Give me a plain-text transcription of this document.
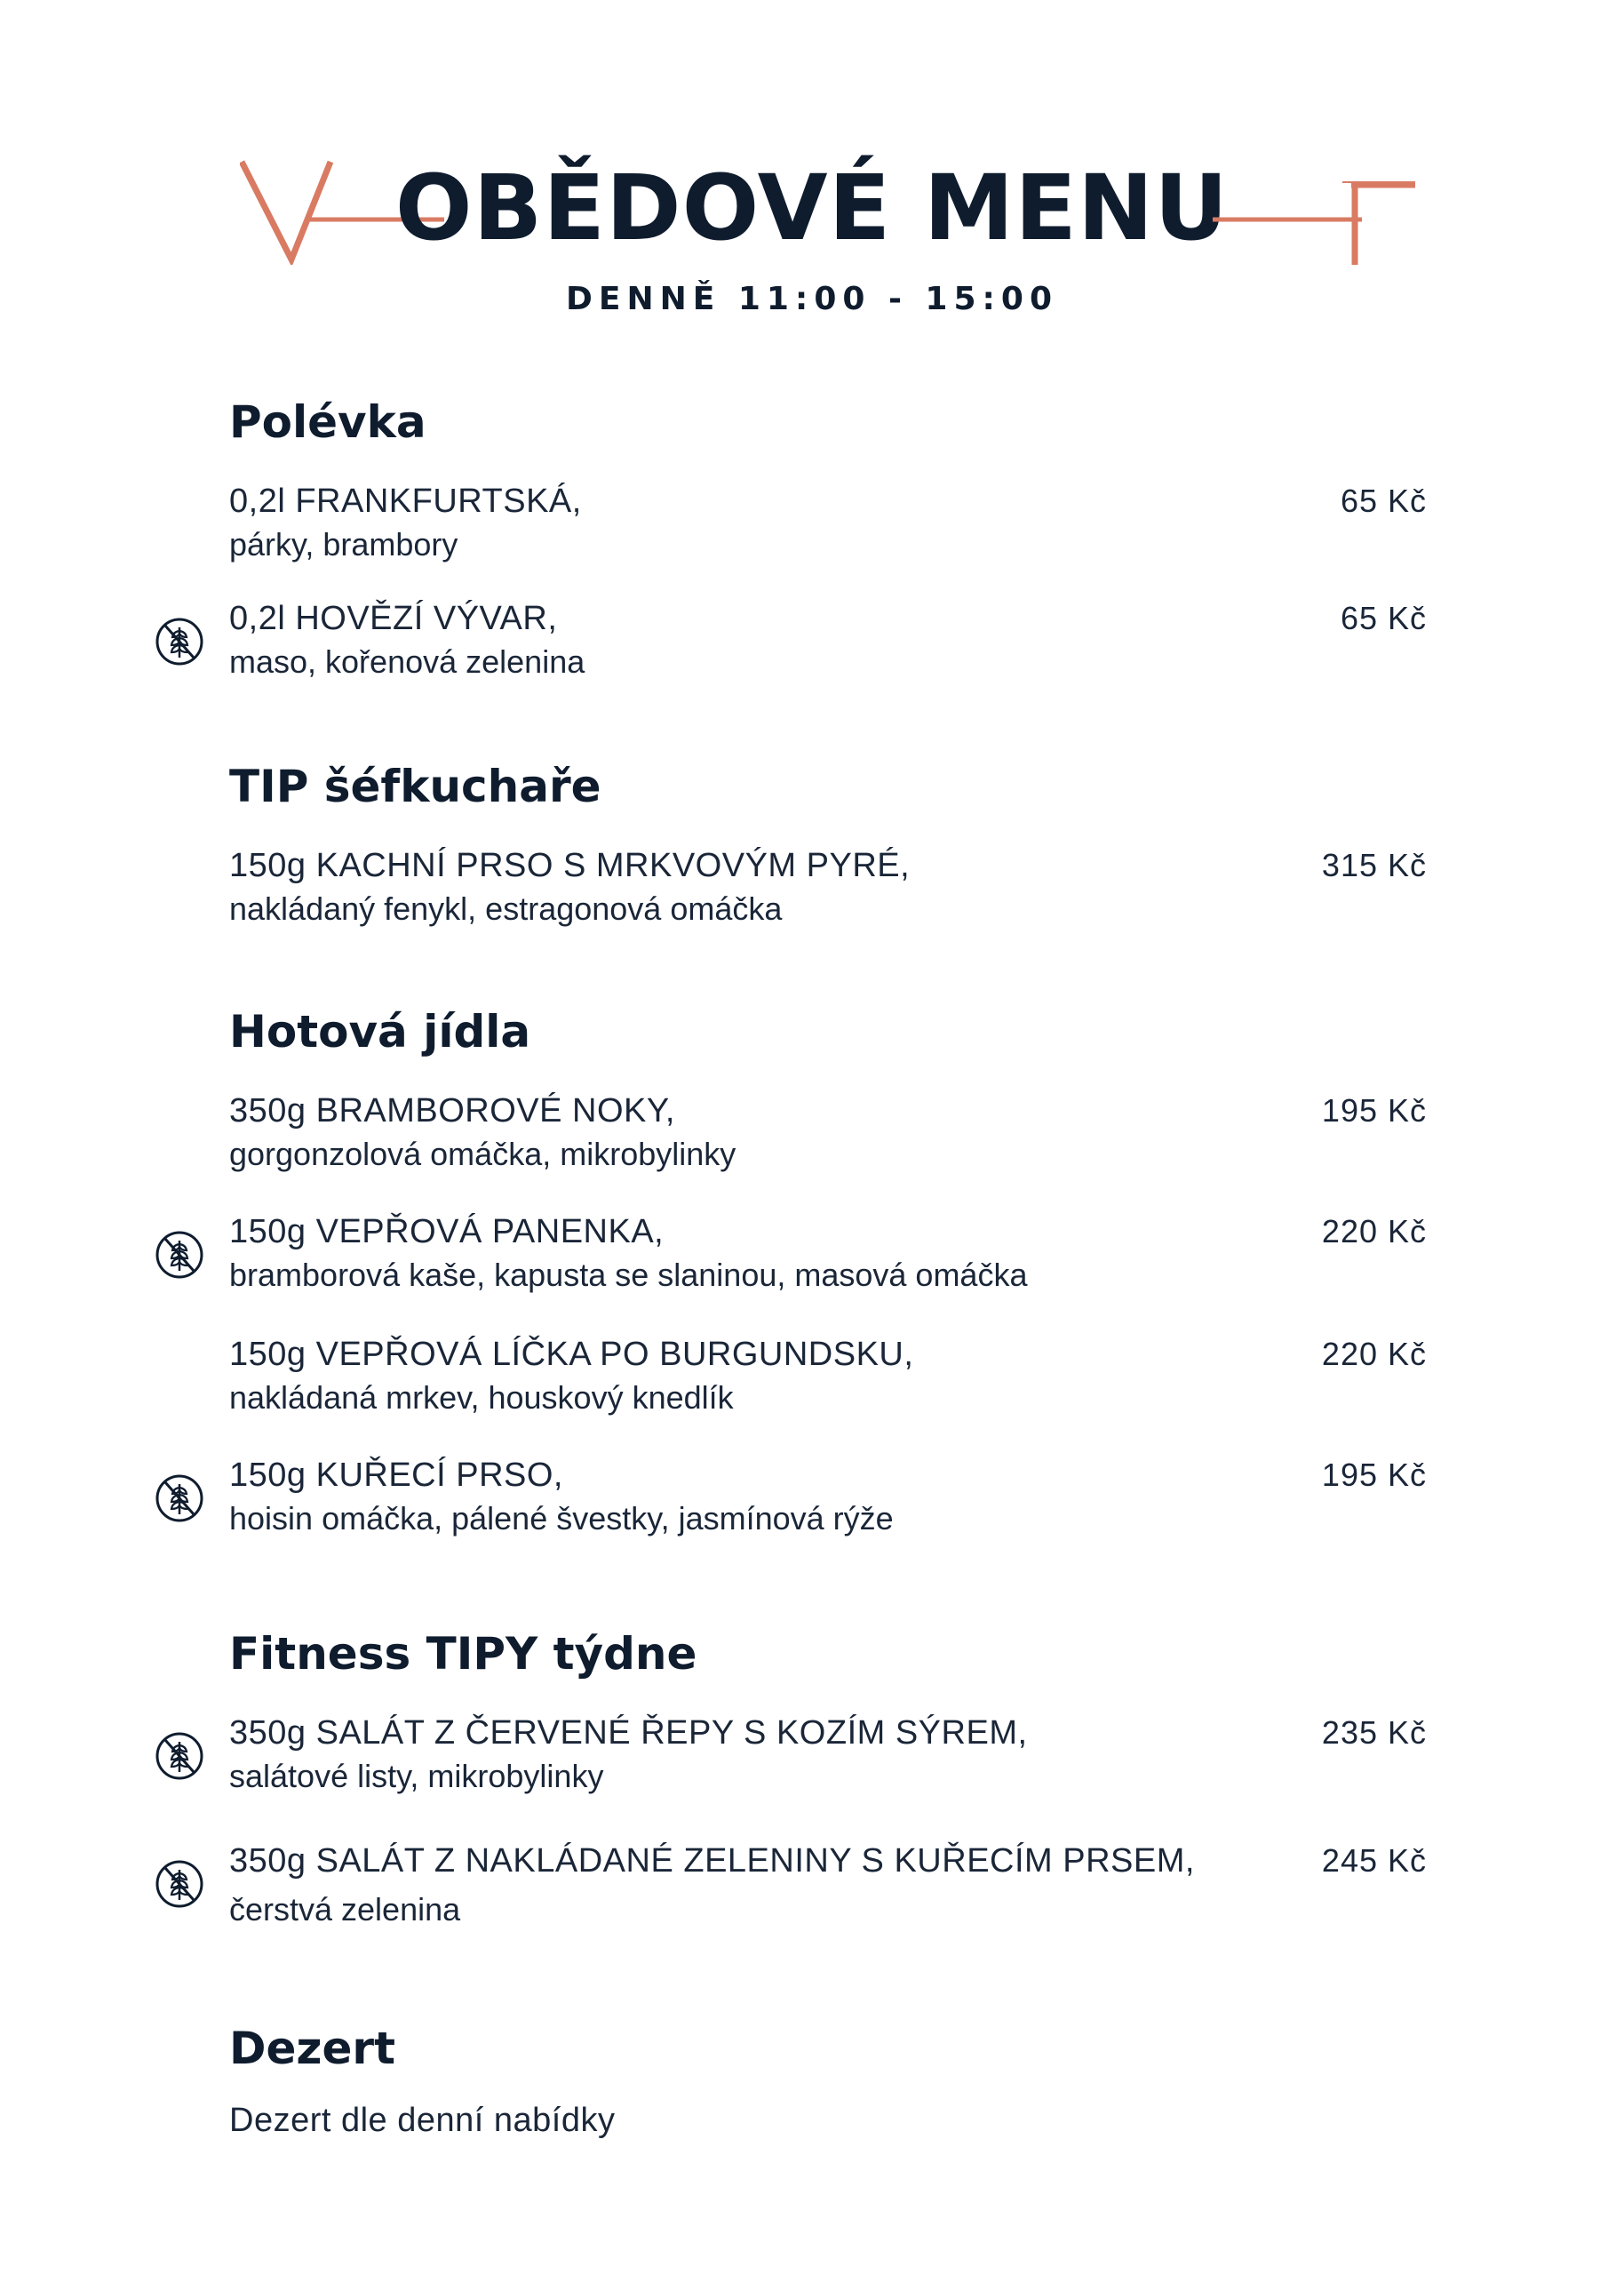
OBĚDOVÉ MENU
DENNĚ 11:00 - 15:00
Polévka
0,2l FRANKFURTSKÁ,
párky, brambory
65 Kč
0,2l HOVĚZÍ VÝVAR,
maso, kořenová zelenina
65 Kč
TIP šéfkuchaře
150g KACHNÍ PRSO S MRKVOVÝM PYRÉ,
nakládaný fenykl, estragonová omáčka
315 Kč
Hotová jídla
350g BRAMBOROVÉ NOKY,
gorgonzolová omáčka, mikrobylinky
195 Kč
150g VEPŘOVÁ PANENKA,
bramborová kaše, kapusta se slaninou, masová omáčka
220 Kč
150g VEPŘOVÁ LÍČKA PO BURGUNDSKU,
nakládaná mrkev, houskový knedlík
220 Kč
150g KUŘECÍ PRSO,
hoisin omáčka, pálené švestky, jasmínová rýže
195 Kč
Fitness TIPY týdne
350g SALÁT Z ČERVENÉ ŘEPY S KOZÍM SÝREM,
salátové listy, mikrobylinky
235 Kč
350g SALÁT Z NAKLÁDANÉ ZELENINY S KUŘECÍM PRSEM,
čerstvá zelenina
245 Kč
Dezert
Dezert dle denní nabídky
